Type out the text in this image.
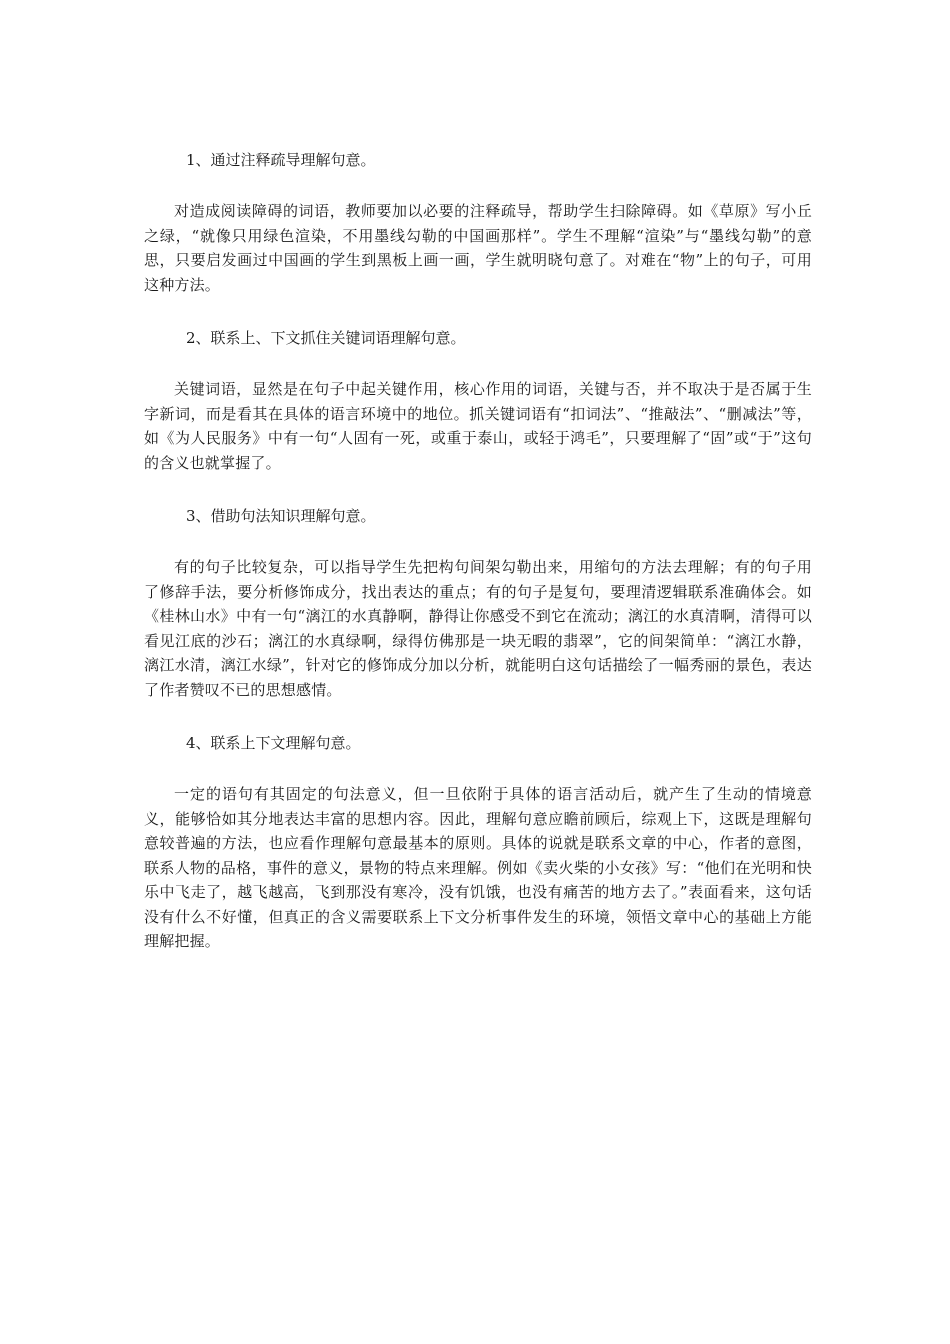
1、通过注释疏导理解句意。

对造成阅读障碍的词语，教师要加以必要的注释疏导，帮助学生扫除障碍。如《草原》写小丘之绿，“就像只用绿色渲染，不用墨线勾勒的中国画那样”。学生不理解“渲染”与“墨线勾勒”的意思，只要启发画过中国画的学生到黑板上画一画，学生就明晓句意了。对难在“物”上的句子，可用这种方法。

2、联系上、下文抓住关键词语理解句意。

关键词语，显然是在句子中起关键作用，核心作用的词语，关键与否，并不取决于是否属于生字新词，而是看其在具体的语言环境中的地位。抓关键词语有“扣词法”、“推敲法”、“删减法”等，如《为人民服务》中有一句“人固有一死，或重于泰山，或轻于鸿毛”，只要理解了“固”或“于”这句的含义也就掌握了。

3、借助句法知识理解句意。

有的句子比较复杂，可以指导学生先把构句间架勾勒出来，用缩句的方法去理解；有的句子用了修辞手法，要分析修饰成分，找出表达的重点；有的句子是复句，要理清逻辑联系准确体会。如《桂林山水》中有一句“漓江的水真静啊，静得让你感受不到它在流动；漓江的水真清啊，清得可以看见江底的沙石；漓江的水真绿啊，绿得仿佛那是一块无暇的翡翠”，它的间架简单：“漓江水静，漓江水清，漓江水绿”，针对它的修饰成分加以分析，就能明白这句话描绘了一幅秀丽的景色，表达了作者赞叹不已的思想感情。

4、联系上下文理解句意。

一定的语句有其固定的句法意义，但一旦依附于具体的语言活动后，就产生了生动的情境意义，能够恰如其分地表达丰富的思想内容。因此，理解句意应瞻前顾后，综观上下，这既是理解句意较普遍的方法，也应看作理解句意最基本的原则。具体的说就是联系文章的中心，作者的意图，联系人物的品格，事件的意义，景物的特点来理解。例如《卖火柴的小女孩》写：“他们在光明和快乐中飞走了，越飞越高，飞到那没有寒冷，没有饥饿，也没有痛苦的地方去了。”表面看来，这句话没有什么不好懂，但真正的含义需要联系上下文分析事件发生的环境，领悟文章中心的基础上方能理解把握。
